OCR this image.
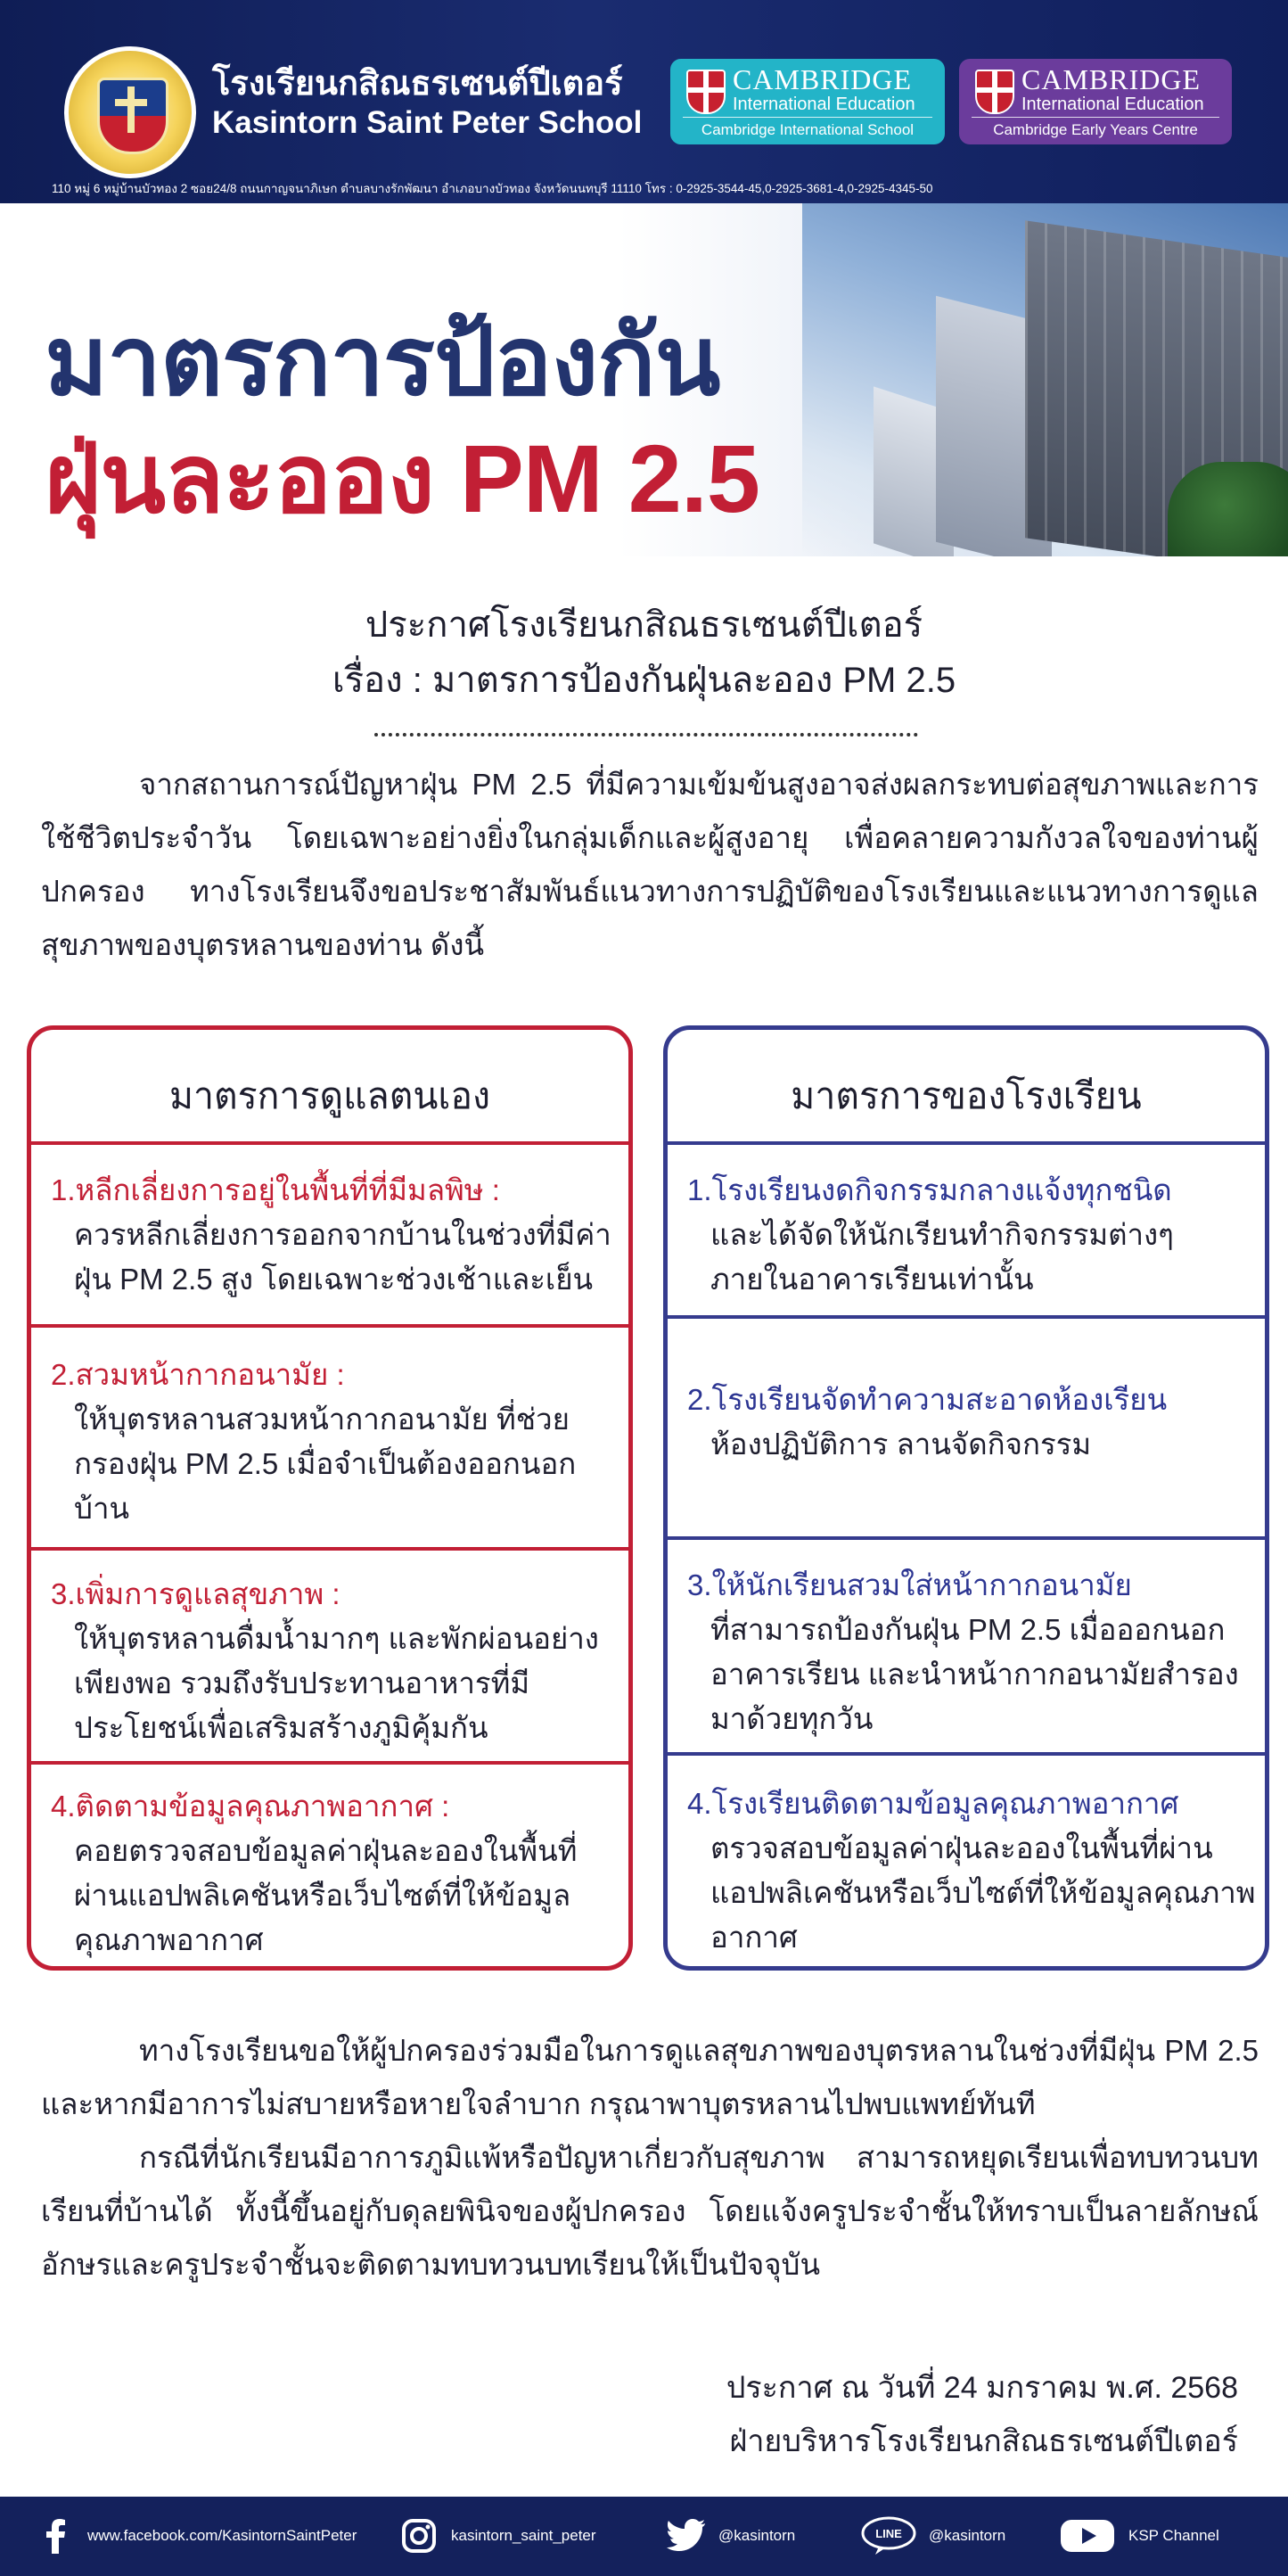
โรงเรียนกสิณธรเซนต์ปีเตอร์
Kasintorn Saint Peter School
CAMBRIDGE
International Education
Cambridge International School
CAMBRIDGE
International Education
Cambridge Early Years Centre
110 หมู่ 6 หมู่บ้านบัวทอง 2 ซอย24/8 ถนนกาญจนาภิเษก ตำบลบางรักพัฒนา อำเภอบางบัวทอง จังหวัดนนทบุรี 11110 โทร : 0-2925-3544-45,0-2925-3681-4,0-2925-4345-50
มาตรการป้องกัน
ฝุ่นละออง PM 2.5
ประกาศโรงเรียนกสิณธรเซนต์ปีเตอร์
เรื่อง : มาตรการป้องกันฝุ่นละออง PM 2.5

จากสถานการณ์ปัญหาฝุ่น PM 2.5 ที่มีความเข้มข้นสูงอาจส่งผลกระทบต่อสุขภาพและการใช้ชีวิตประจำวัน โดยเฉพาะอย่างยิ่งในกลุ่มเด็กและผู้สูงอายุ เพื่อคลายความกังวลใจของท่านผู้ปกครอง ทางโรงเรียนจึงขอประชาสัมพันธ์แนวทางการปฏิบัติของโรงเรียนและแนวทางการดูแลสุขภาพของบุตรหลานของท่าน ดังนี้

มาตรการดูแลตนเอง
1.หลีกเลี่ยงการอยู่ในพื้นที่ที่มีมลพิษ :
ควรหลีกเลี่ยงการออกจากบ้านในช่วงที่มีค่าฝุ่น PM 2.5 สูง โดยเฉพาะช่วงเช้าและเย็น
2.สวมหน้ากากอนามัย :
ให้บุตรหลานสวมหน้ากากอนามัย ที่ช่วยกรองฝุ่น PM 2.5 เมื่อจำเป็นต้องออกนอกบ้าน
3.เพิ่มการดูแลสุขภาพ :
ให้บุตรหลานดื่มน้ำมากๆ และพักผ่อนอย่างเพียงพอ รวมถึงรับประทานอาหารที่มีประโยชน์เพื่อเสริมสร้างภูมิคุ้มกัน
4.ติดตามข้อมูลคุณภาพอากาศ :
คอยตรวจสอบข้อมูลค่าฝุ่นละอองในพื้นที่ผ่านแอปพลิเคชันหรือเว็บไซต์ที่ให้ข้อมูลคุณภาพอากาศ
มาตรการของโรงเรียน
1.โรงเรียนงดกิจกรรมกลางแจ้งทุกชนิด
และได้จัดให้นักเรียนทำกิจกรรมต่างๆ ภายในอาคารเรียนเท่านั้น
2.โรงเรียนจัดทำความสะอาดห้องเรียน
ห้องปฏิบัติการ ลานจัดกิจกรรม
3.ให้นักเรียนสวมใส่หน้ากากอนามัย
ที่สามารถป้องกันฝุ่น PM 2.5 เมื่อออกนอกอาคารเรียน และนำหน้ากากอนามัยสำรองมาด้วยทุกวัน
4.โรงเรียนติดตามข้อมูลคุณภาพอากาศ
ตรวจสอบข้อมูลค่าฝุ่นละอองในพื้นที่ผ่านแอปพลิเคชันหรือเว็บไซต์ที่ให้ข้อมูลคุณภาพอากาศ

ทางโรงเรียนขอให้ผู้ปกครองร่วมมือในการดูแลสุขภาพของบุตรหลานในช่วงที่มีฝุ่น PM 2.5 และหากมีอาการไม่สบายหรือหายใจลำบาก กรุณาพาบุตรหลานไปพบแพทย์ทันที

กรณีที่นักเรียนมีอาการภูมิแพ้หรือปัญหาเกี่ยวกับสุขภาพ สามารถหยุดเรียนเพื่อทบทวนบทเรียนที่บ้านได้ ทั้งนี้ขึ้นอยู่กับดุลยพินิจของผู้ปกครอง โดยแจ้งครูประจำชั้นให้ทราบเป็นลายลักษณ์อักษรและครูประจำชั้นจะติดตามทบทวนบทเรียนให้เป็นปัจจุบัน

ประกาศ ณ วันที่ 24 มกราคม พ.ศ. 2568
ฝ่ายบริหารโรงเรียนกสิณธรเซนต์ปีเตอร์
www.facebook.com/KasintornSaintPeter	kasintorn_saint_peter	@kasintorn	LINE @kasintorn	KSP Channel
